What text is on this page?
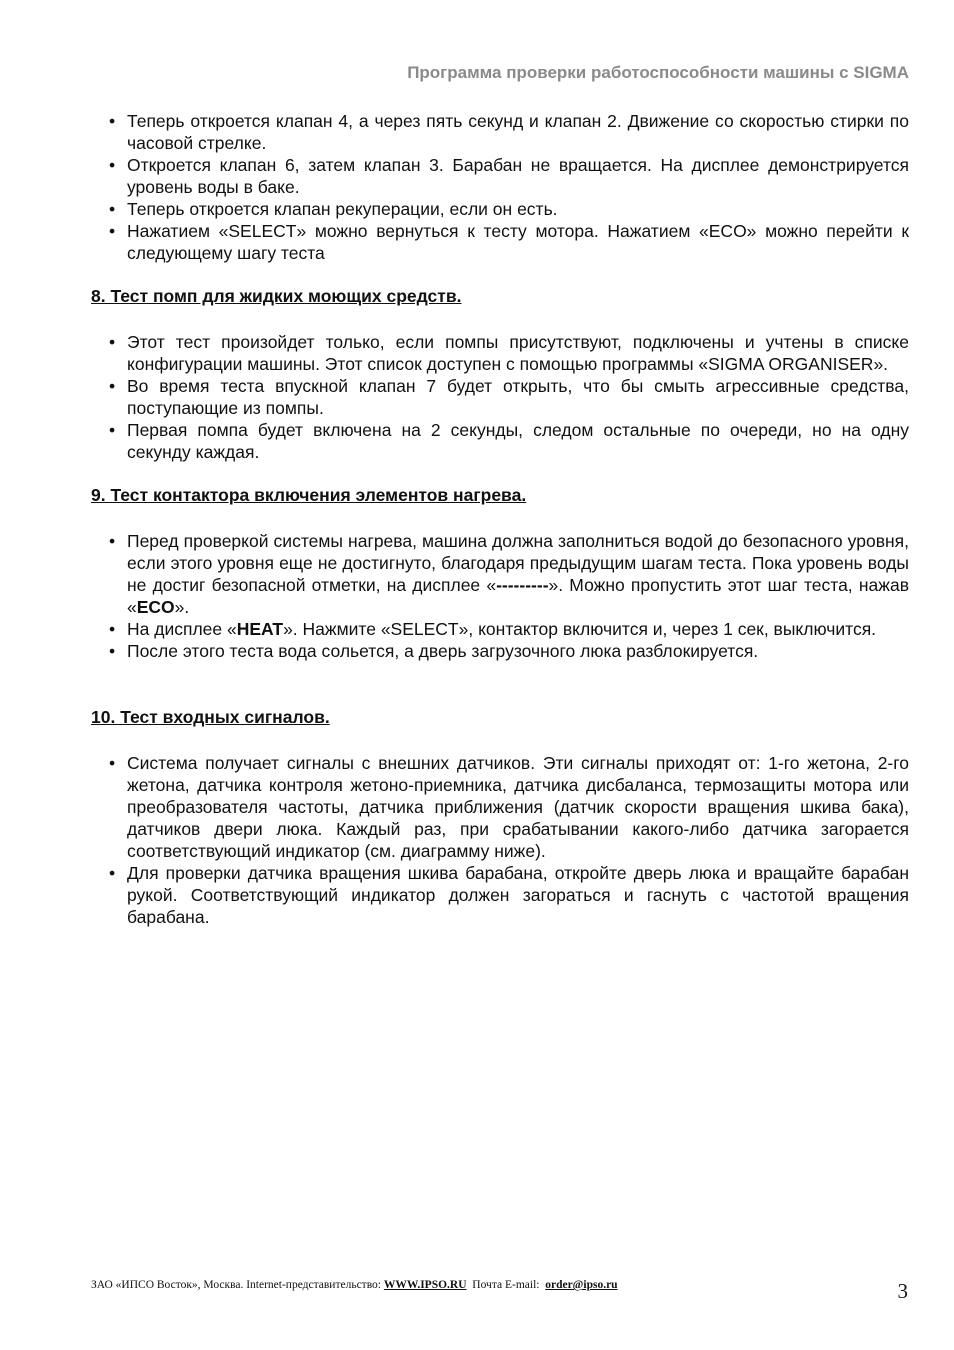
Программа проверки работоспособности машины с SIGMA
• Теперь откроется клапан 4, а через пять секунд и клапан 2. Движение со скоростью стирки по часовой стрелке.
• Откроется клапан 6, затем клапан 3. Барабан не вращается. На дисплее демонстрируется уровень воды в баке.
• Теперь откроется клапан рекуперации, если он есть.
• Нажатием «SELECT» можно вернуться к тесту мотора. Нажатием «ECO» можно перейти к следующему шагу теста

8. Тест помп для жидких моющих средств.

• Этот тест произойдет только, если помпы присутствуют, подключены и учтены в списке конфигурации машины. Этот список доступен с помощью программы «SIGMA ORGANISER».
• Во время теста впускной клапан 7 будет открыть, что бы смыть агрессивные средства, поступающие из помпы.
• Первая помпа будет включена на 2 секунды, следом остальные по очереди, но на одну секунду каждая.

9. Тест контактора включения элементов нагрева.

• Перед проверкой системы нагрева, машина должна заполниться водой до безопасного уровня, если этого уровня еще не достигнуто, благодаря предыдущим шагам теста. Пока уровень воды не достиг безопасной отметки, на дисплее «---------». Можно пропустить этот шаг теста, нажав «ECO».
• На дисплее «HEAT». Нажмите «SELECT», контактор включится и, через 1 сек, выключится.
• После этого теста вода сольется, а дверь загрузочного люка разблокируется.

10. Тест входных сигналов.

• Система получает сигналы с внешних датчиков. Эти сигналы приходят от: 1-го жетона, 2-го жетона, датчика контроля жетоно-приемника, датчика дисбаланса, термозащиты мотора или преобразователя частоты, датчика приближения (датчик скорости вращения шкива бака), датчиков двери люка. Каждый раз, при срабатывании какого-либо датчика загорается соответствующий индикатор (см. диаграмму ниже).
• Для проверки датчика вращения шкива барабана, откройте дверь люка и вращайте барабан рукой. Соответствующий индикатор должен загораться и гаснуть с частотой вращения барабана.
ЗАО «ИПСО Восток», Москва. Internet-представительство: WWW.IPSO.RU  Почта E-mail:  order@ipso.ru	3
